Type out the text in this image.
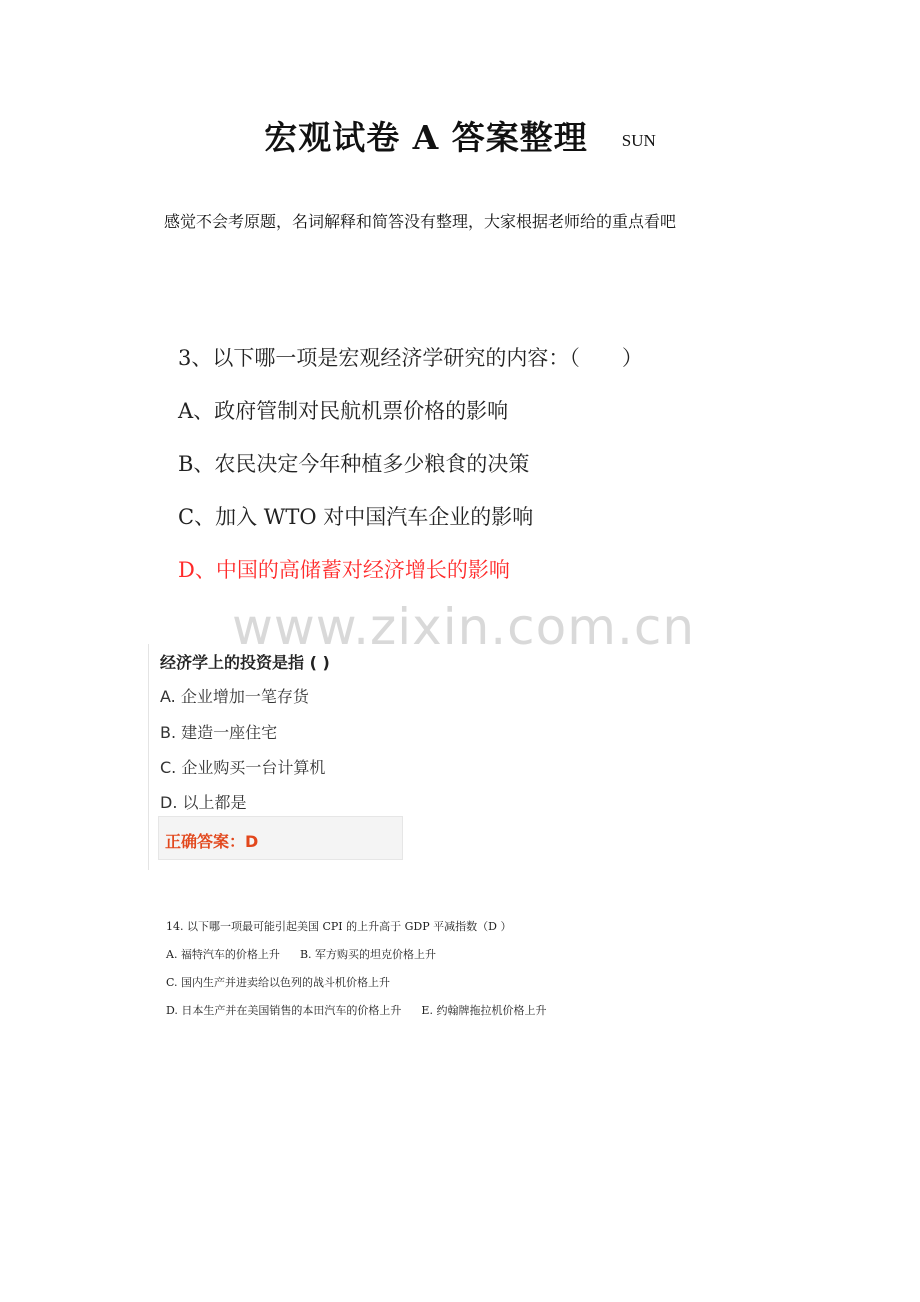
宏观试卷 A 答案整理 SUN
感觉不会考原题，名词解释和简答没有整理，大家根据老师给的重点看吧
3、以下哪一项是宏观经济学研究的内容：（　　）
A、政府管制对民航机票价格的影响
B、农民决定今年种植多少粮食的决策
C、加入 WTO 对中国汽车企业的影响
D、中国的高储蓄对经济增长的影响
www.zixin.com.cn
经济学上的投资是指 ( )
A. 企业增加一笔存货
B. 建造一座住宅
C. 企业购买一台计算机
D. 以上都是
正确答案：D
14. 以下哪一项最可能引起美国 CPI 的上升高于 GDP 平减指数（D ）
A. 福特汽车的价格上升 B. 军方购买的坦克价格上升
C. 国内生产并进卖给以色列的战斗机价格上升
D. 日本生产并在美国销售的本田汽车的价格上升 E. 约翰牌拖拉机价格上升
